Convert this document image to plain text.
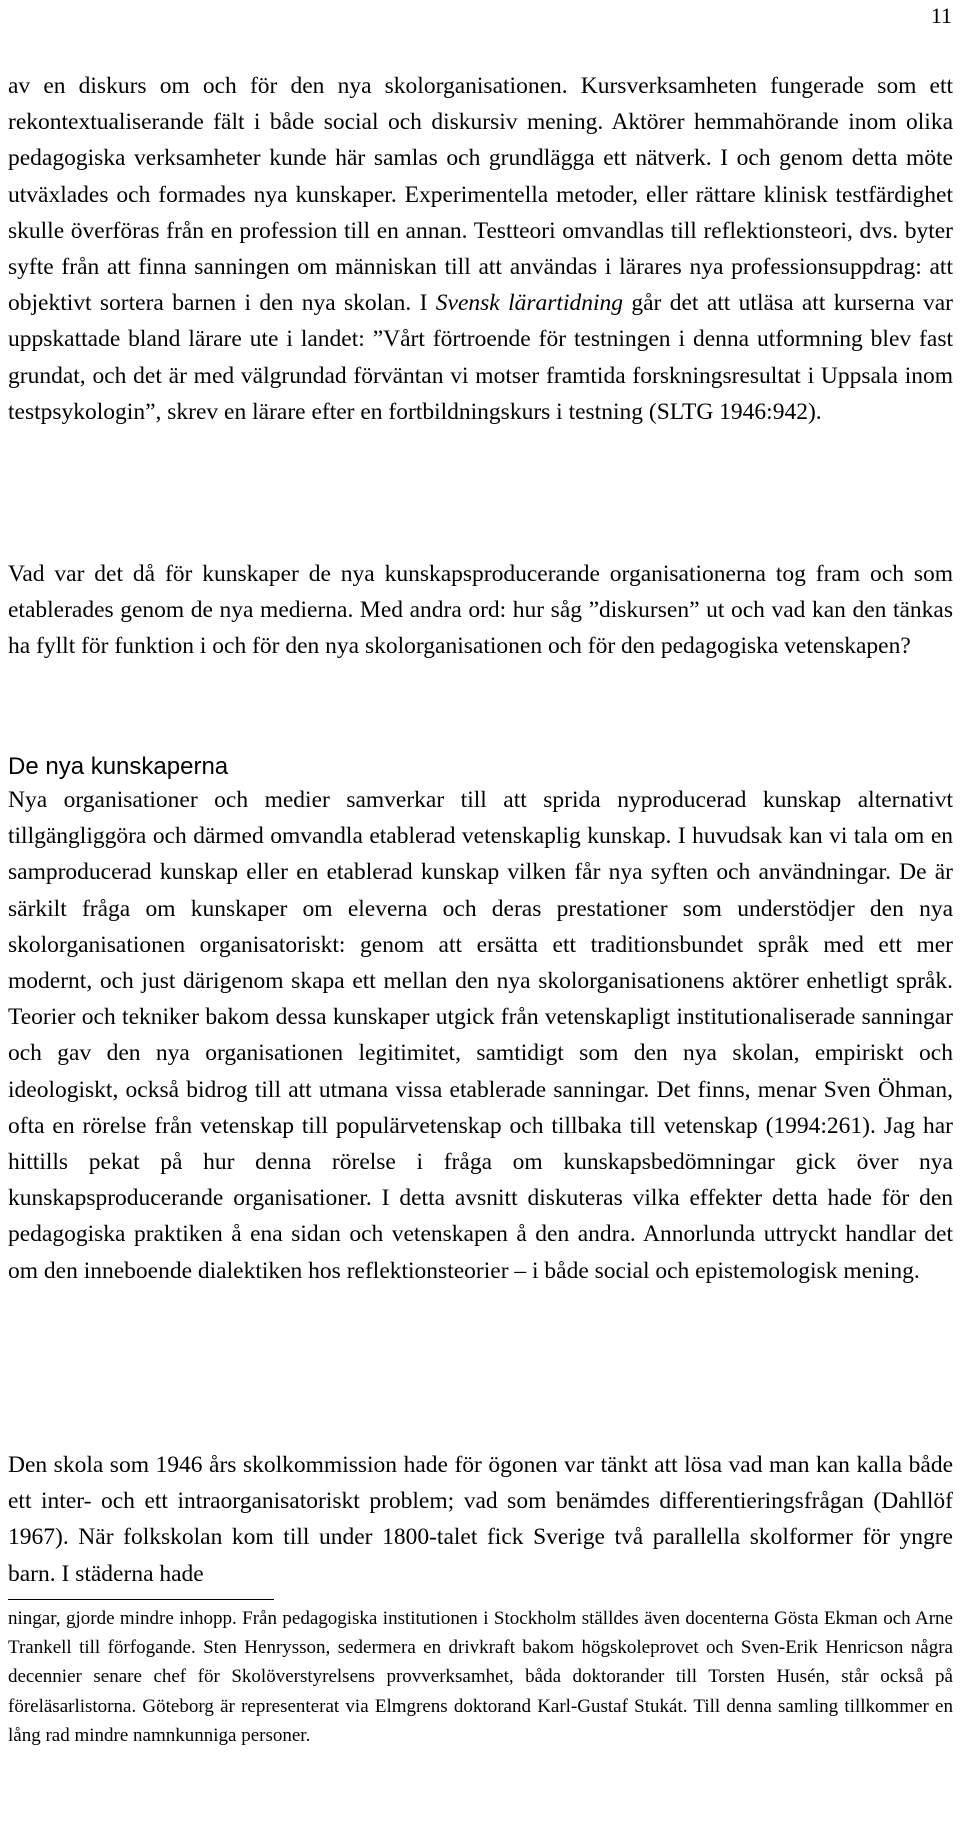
11

av en diskurs om och för den nya skolorganisationen. Kursverksamheten fungerade som ett rekontextualiserande fält i både social och diskursiv mening. Aktörer hemmahörande inom olika pedagogiska verksamheter kunde här samlas och grundlägga ett nätverk. I och genom detta möte utväxlades och formades nya kunskaper. Experimentella metoder, eller rättare klinisk testfärdighet skulle överföras från en profession till en annan. Testteori omvandlas till reflektionsteori, dvs. byter syfte från att finna sanningen om människan till att användas i lärares nya professionsuppdrag: att objektivt sortera barnen i den nya skolan. I Svensk lärartidning går det att utläsa att kurserna var uppskattade bland lärare ute i landet: ”Vårt förtroende för testningen i denna utformning blev fast grundat, och det är med välgrundad förväntan vi motser framtida forskningsresultat i Uppsala inom testpsykologin”, skrev en lärare efter en fortbildningskurs i testning (SLTG 1946:942).

Vad var det då för kunskaper de nya kunskapsproducerande organisationerna tog fram och som etablerades genom de nya medierna. Med andra ord: hur såg ”diskursen” ut och vad kan den tänkas ha fyllt för funktion i och för den nya skolorganisationen och för den pedagogiska vetenskapen?

De nya kunskaperna

Nya organisationer och medier samverkar till att sprida nyproducerad kunskap alternativt tillgängliggöra och därmed omvandla etablerad vetenskaplig kunskap. I huvudsak kan vi tala om en samproducerad kunskap eller en etablerad kunskap vilken får nya syften och användningar. De är särkilt fråga om kunskaper om eleverna och deras prestationer som understödjer den nya skolorganisationen organisatoriskt: genom att ersätta ett traditionsbundet språk med ett mer modernt, och just därigenom skapa ett mellan den nya skolorganisationens aktörer enhetligt språk. Teorier och tekniker bakom dessa kunskaper utgick från vetenskapligt institutionaliserade sanningar och gav den nya organisationen legitimitet, samtidigt som den nya skolan, empiriskt och ideologiskt, också bidrog till att utmana vissa etablerade sanningar. Det finns, menar Sven Öhman, ofta en rörelse från vetenskap till populärvetenskap och tillbaka till vetenskap (1994:261). Jag har hittills pekat på hur denna rörelse i fråga om kunskapsbedömningar gick över nya kunskapsproducerande organisationer. I detta avsnitt diskuteras vilka effekter detta hade för den pedagogiska praktiken å ena sidan och vetenskapen å den andra. Annorlunda uttryckt handlar det om den inneboende dialektiken hos reflektionsteorier – i både social och epistemologisk mening.

Den skola som 1946 års skolkommission hade för ögonen var tänkt att lösa vad man kan kalla både ett inter- och ett intraorganisatoriskt problem; vad som benämdes differentieringsfrågan (Dahllöf 1967). När folkskolan kom till under 1800-talet fick Sverige två parallella skolformer för yngre barn. I städerna hade

ningar, gjorde mindre inhopp. Från pedagogiska institutionen i Stockholm ställdes även docenterna Gösta Ekman och Arne Trankell till förfogande. Sten Henrysson, sedermera en drivkraft bakom högskoleprovet och Sven-Erik Henricson några decennier senare chef för Skolöverstyrelsens provverksamhet, båda doktorander till Torsten Husén, står också på föreläsarlistorna. Göteborg är representerat via Elmgrens doktorand Karl-Gustaf Stukát. Till denna samling tillkommer en lång rad mindre namnkunniga personer.
